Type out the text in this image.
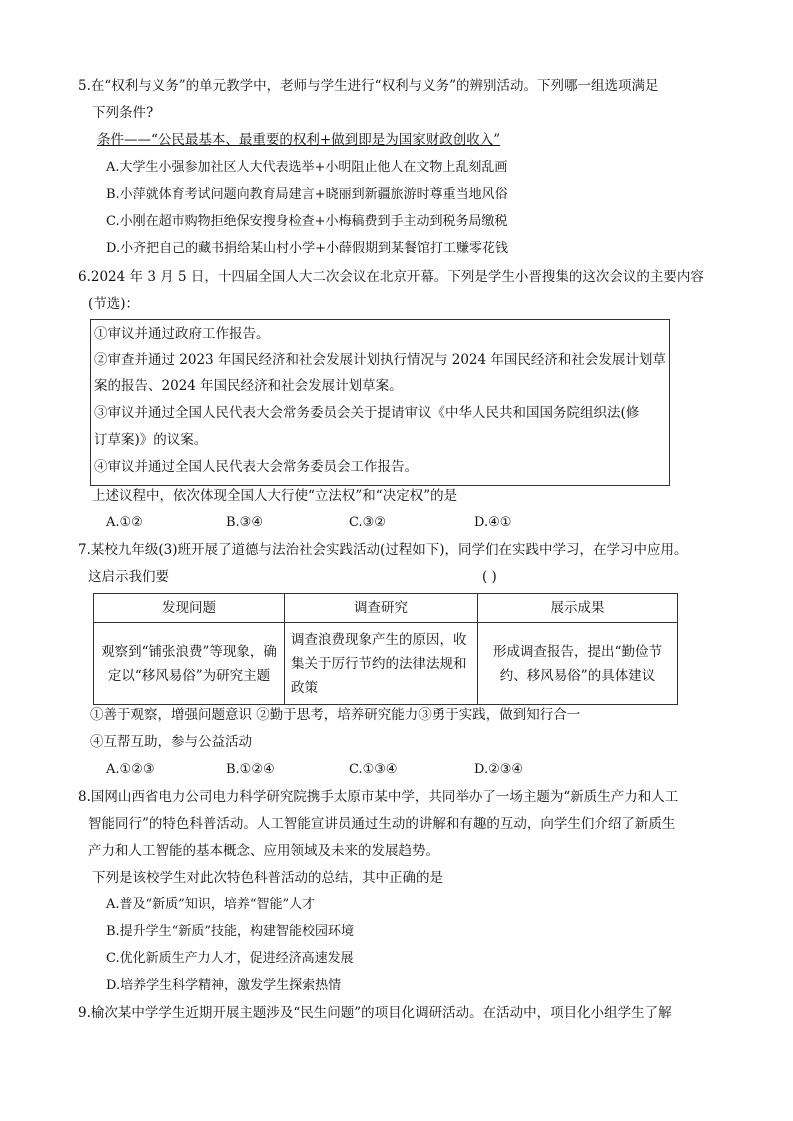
5.在“权利与义务”的单元教学中，老师与学生进行“权利与义务”的辨别活动。下列哪一组选项满足
下列条件?
条件——“公民最基本、最重要的权利+做到即是为国家财政创收入”
A.大学生小强参加社区人大代表选举+小明阻止他人在文物上乱刻乱画
B.小萍就体育考试问题向教育局建言+晓丽到新疆旅游时尊重当地风俗
C.小刚在超市购物拒绝保安搜身检查+小梅稿费到手主动到税务局缴税
D.小齐把自己的藏书捐给某山村小学+小薛假期到某餐馆打工赚零花钱
6.2024 年 3 月 5 日，十四届全国人大二次会议在北京开幕。下列是学生小晋搜集的这次会议的主要内容
(节选)：
①审议并通过政府工作报告。
②审查并通过 2023 年国民经济和社会发展计划执行情况与 2024 年国民经济和社会发展计划草
案的报告、2024 年国民经济和社会发展计划草案。
③审议并通过全国人民代表大会常务委员会关于提请审议《中华人民共和国国务院组织法(修
订草案)》的议案。
④审议并通过全国人民代表大会常务委员会工作报告。
上述议程中，依次体现全国人大行使“立法权”和“决定权”的是
A.①②	B.③④	C.③②	D.④①
7.某校九年级(3)班开展了道德与法治社会实践活动(过程如下)，同学们在实践中学习，在学习中应用。
这启示我们要	( )
发现问题	调查研究	展示成果
观察到“铺张浪费”等现象，确定以“移风易俗”为研究主题	调查浪费现象产生的原因，收集关于厉行节约的法律法规和政策	形成调查报告，提出“勤俭节约、移风易俗”的具体建议
①善于观察，增强问题意识 ②勤于思考，培养研究能力③勇于实践，做到知行合一
④互帮互助，参与公益活动
A.①②③	B.①②④	C.①③④	D.②③④
8.国网山西省电力公司电力科学研究院携手太原市某中学，共同举办了一场主题为“新质生产力和人工
智能同行”的特色科普活动。人工智能宣讲员通过生动的讲解和有趣的互动，向学生们介绍了新质生
产力和人工智能的基本概念、应用领域及未来的发展趋势。
下列是该校学生对此次特色科普活动的总结，其中正确的是
A.普及“新质”知识，培养“智能”人才
B.提升学生“新质”技能，构建智能校园环境
C.优化新质生产力人才，促进经济高速发展
D.培养学生科学精神，激发学生探索热情
9.榆次某中学学生近期开展主题涉及“民生问题”的项目化调研活动。在活动中，项目化小组学生了解
